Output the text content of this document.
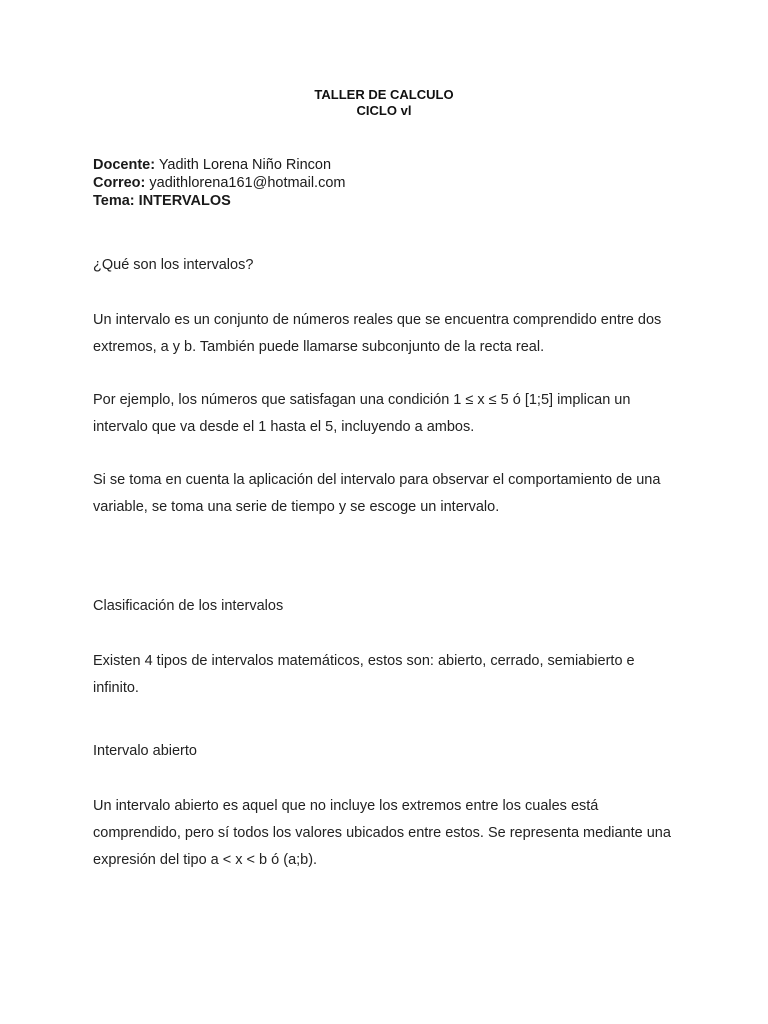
TALLER DE CALCULO
CICLO vl
Docente: Yadith Lorena Niño Rincon
Correo: yadithlorena161@hotmail.com
Tema: INTERVALOS

¿Qué son los intervalos?

Un intervalo es un conjunto de números reales que se encuentra comprendido entre dos extremos, a y b. También puede llamarse subconjunto de la recta real.

Por ejemplo, los números que satisfagan una condición 1 ≤ x ≤ 5 ó [1;5] implican un intervalo que va desde el 1 hasta el 5, incluyendo a ambos.

Si se toma en cuenta la aplicación del intervalo para observar el comportamiento de una variable, se toma una serie de tiempo y se escoge un intervalo.

Clasificación de los intervalos

Existen 4 tipos de intervalos matemáticos, estos son: abierto, cerrado, semiabierto e infinito.

Intervalo abierto

Un intervalo abierto es aquel que no incluye los extremos entre los cuales está comprendido, pero sí todos los valores ubicados entre estos. Se representa mediante una expresión del tipo a < x < b ó (a;b).
